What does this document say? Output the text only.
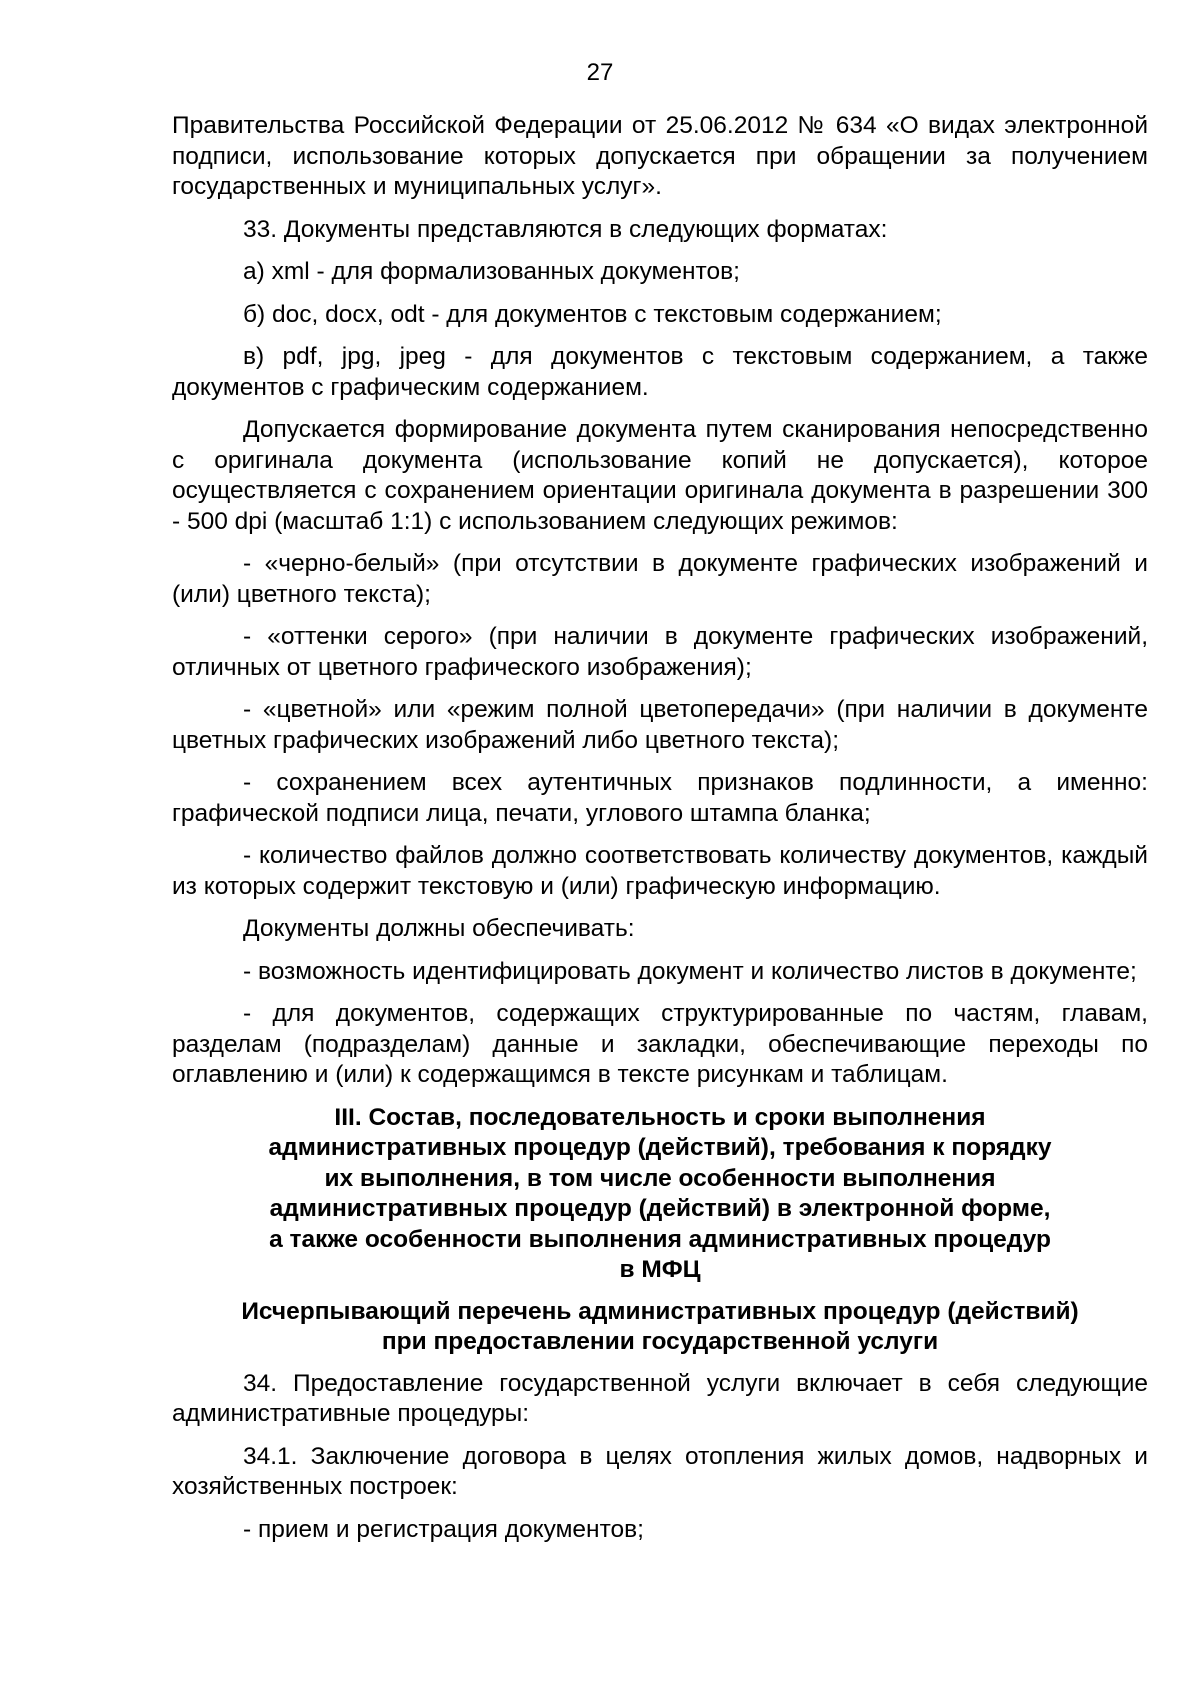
27

Правительства Российской Федерации от 25.06.2012 № 634 «О видах электронной подписи, использование которых допускается при обращении за получением государственных и муниципальных услуг».

33. Документы представляются в следующих форматах:

а) xml - для формализованных документов;

б) doc, docx, odt - для документов с текстовым содержанием;

в) pdf, jpg, jpeg - для документов с текстовым содержанием, а также документов с графическим содержанием.

Допускается формирование документа путем сканирования непосредственно с оригинала документа (использование копий не допускается), которое осуществляется с сохранением ориентации оригинала документа в разрешении 300 - 500 dpi (масштаб 1:1) с использованием следующих режимов:

- «черно-белый» (при отсутствии в документе графических изображений и (или) цветного текста);

- «оттенки серого» (при наличии в документе графических изображений, отличных от цветного графического изображения);

- «цветной» или «режим полной цветопередачи» (при наличии в документе цветных графических изображений либо цветного текста);

- сохранением всех аутентичных признаков подлинности, а именно: графической подписи лица, печати, углового штампа бланка;

- количество файлов должно соответствовать количеству документов, каждый из которых содержит текстовую и (или) графическую информацию.

Документы должны обеспечивать:

- возможность идентифицировать документ и количество листов в документе;

- для документов, содержащих структурированные по частям, главам, разделам (подразделам) данные и закладки, обеспечивающие переходы по оглавлению и (или) к содержащимся в тексте рисункам и таблицам.

III. Состав, последовательность и сроки выполнения
административных процедур (действий), требования к порядку
их выполнения, в том числе особенности выполнения
административных процедур (действий) в электронной форме,
а также особенности выполнения административных процедур
в МФЦ
Исчерпывающий перечень административных процедур (действий)
при предоставлении государственной услуги

34. Предоставление государственной услуги включает в себя следующие административные процедуры:

34.1. Заключение договора в целях отопления жилых домов, надворных и хозяйственных построек:

- прием и регистрация документов;
